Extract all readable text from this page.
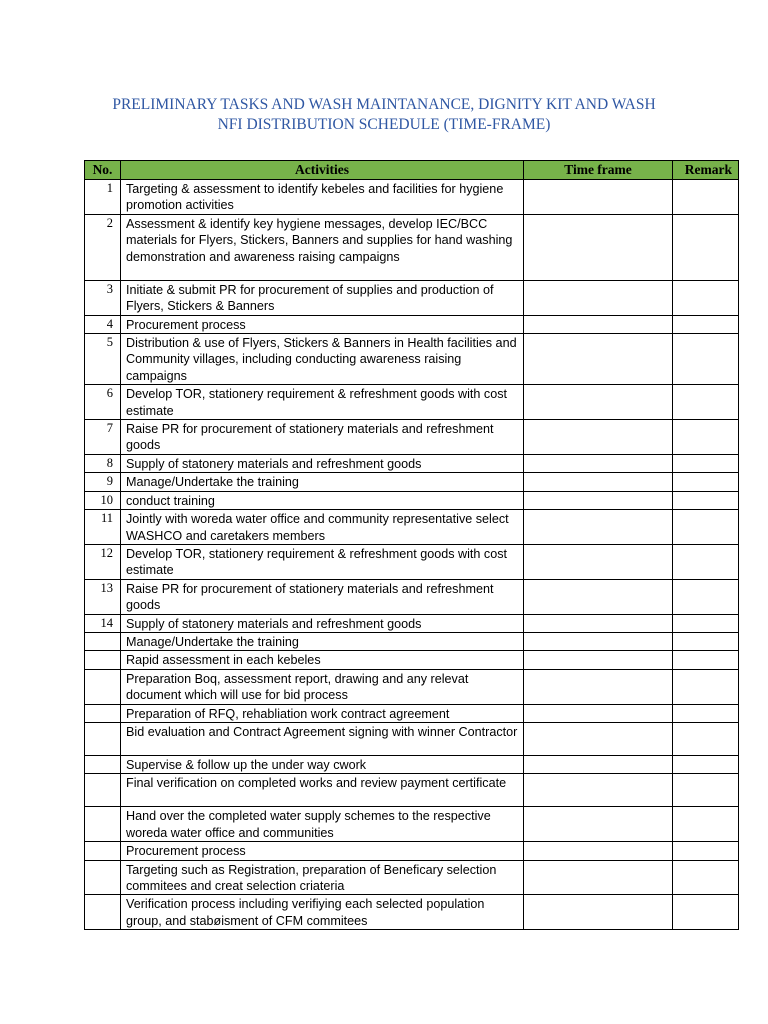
PRELIMINARY TASKS AND WASH MAINTANANCE, DIGNITY KIT AND WASH
NFI DISTRIBUTION SCHEDULE (TIME-FRAME)
No.	Activities	Time frame	Remark
1	Targeting & assessment to identify kebeles and facilities for hygiene promotion activities		
2	Assessment & identify key hygiene messages, develop IEC/BCC materials for Flyers, Stickers, Banners and supplies for hand washing demonstration and awareness raising campaigns		
3	Initiate & submit PR for procurement of supplies and production of Flyers, Stickers & Banners		
4	Procurement process		
5	Distribution & use of Flyers, Stickers & Banners in Health facilities and Community villages, including conducting awareness raising campaigns		
6	Develop TOR, stationery requirement & refreshment goods with cost estimate		
7	Raise PR for procurement of stationery materials and refreshment goods		
8	Supply of statonery materials and refreshment goods		
9	Manage/Undertake the training		
10	conduct training		
11	Jointly with woreda water office and community representative select WASHCO and caretakers members		
12	Develop TOR, stationery requirement & refreshment goods with cost estimate		
13	Raise PR for procurement of stationery materials and refreshment goods		
14	Supply of statonery materials and refreshment goods		
	Manage/Undertake the training		
	Rapid assessment in each kebeles		
	Preparation Boq, assessment report, drawing and any relevat document which will use for bid process		
	Preparation of RFQ, rehabliation work contract agreement		
	Bid evaluation and Contract Agreement signing with winner Contractor		
	Supervise & follow up the under way cwork		
	Final verification on completed works and review payment certificate		
	Hand over the completed water supply schemes to the respective woreda water office and communities		
	Procurement process		
	Targeting such as Registration, preparation of Beneficary selection commitees and creat selection criateria		
	Verification process including verifiying each selected population group, and stabøisment of CFM commitees		
